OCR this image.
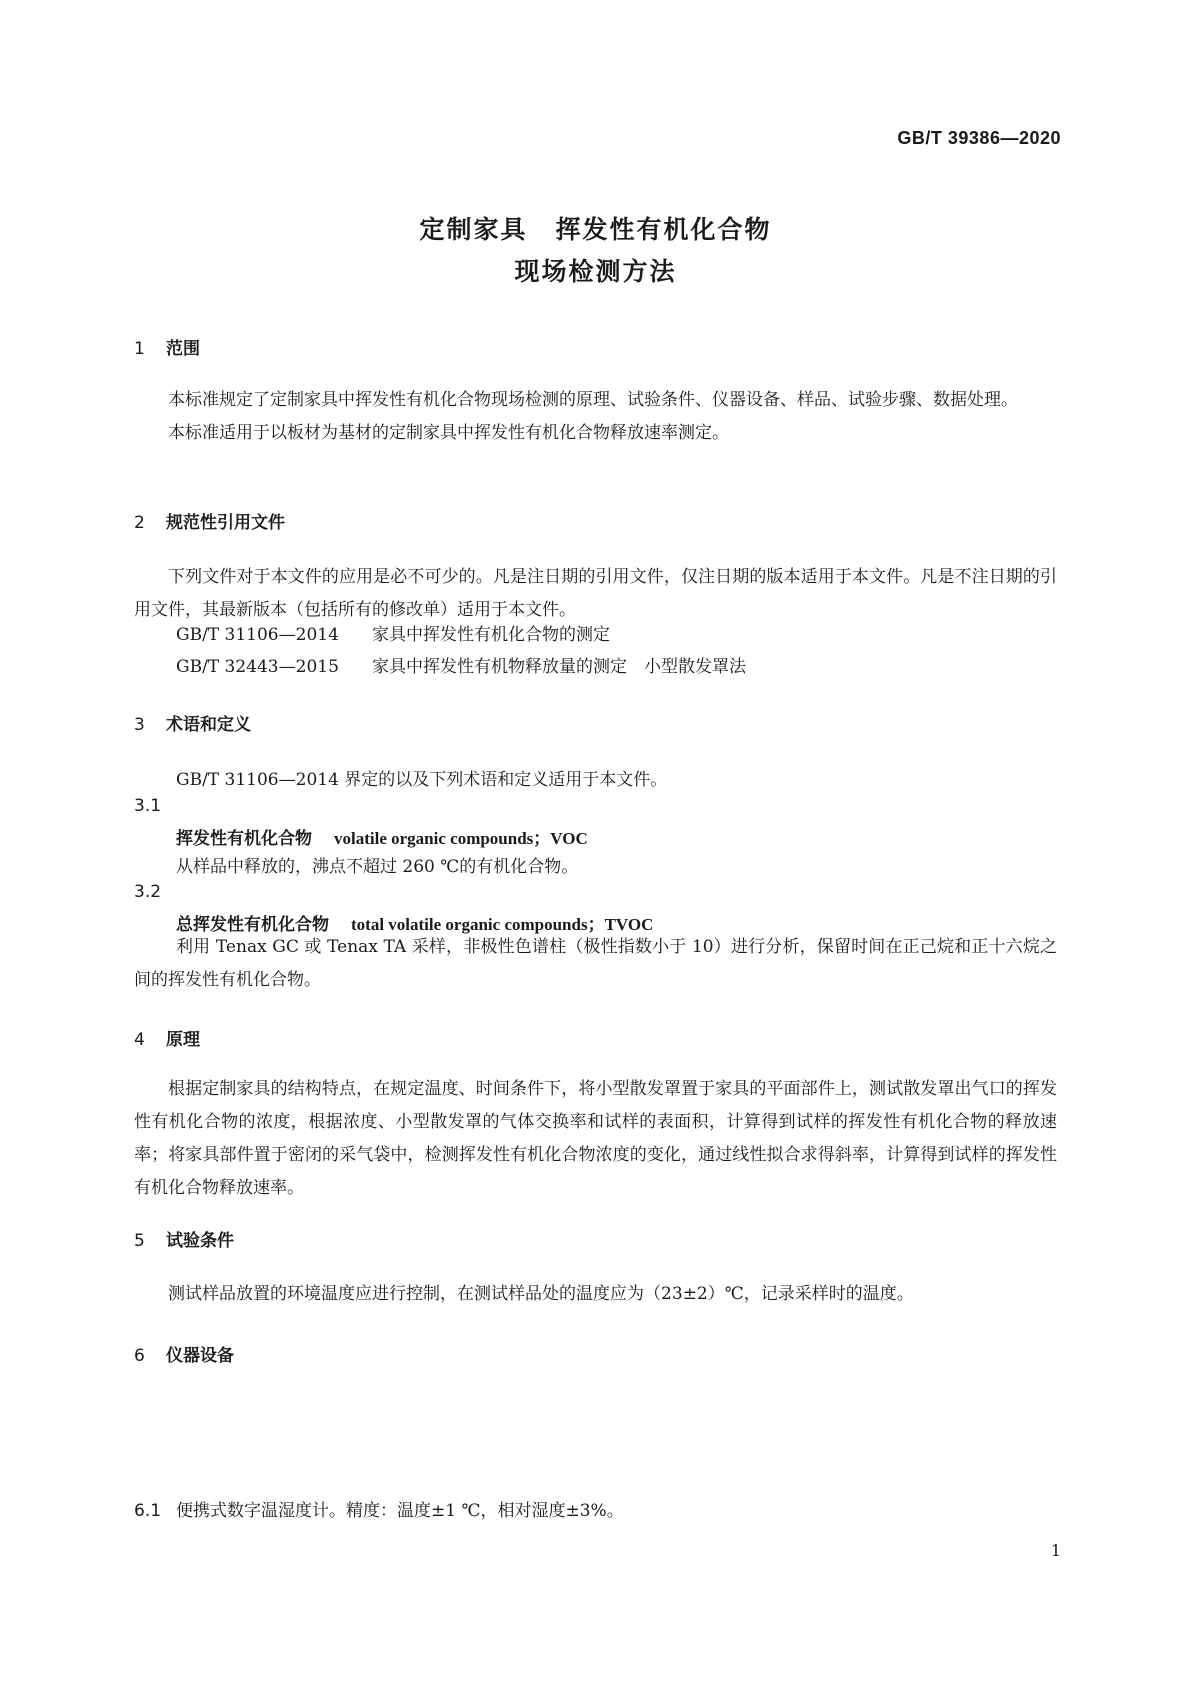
GB/T 39386—2020
定制家具 挥发性有机化合物
现场检测方法
1 范围

本标准规定了定制家具中挥发性有机化合物现场检测的原理、试验条件、仪器设备、样品、试验步骤、数据处理。

本标准适用于以板材为基材的定制家具中挥发性有机化合物释放速率测定。

2 规范性引用文件

下列文件对于本文件的应用是必不可少的。凡是注日期的引用文件，仅注日期的版本适用于本文件。凡是不注日期的引用文件，其最新版本（包括所有的修改单）适用于本文件。

GB/T 31106—2014 家具中挥发性有机化合物的测定
GB/T 32443—2015 家具中挥发性有机物释放量的测定　小型散发罩法
3 术语和定义
GB/T 31106—2014 界定的以及下列术语和定义适用于本文件。
3.1
挥发性有机化合物 volatile organic compounds；VOC
从样品中释放的，沸点不超过 260 ℃的有机化合物。
3.2
总挥发性有机化合物 total volatile organic compounds；TVOC

利用 Tenax GC 或 Tenax TA 采样，非极性色谱柱（极性指数小于 10）进行分析，保留时间在正己烷和正十六烷之间的挥发性有机化合物。

4 原理

根据定制家具的结构特点，在规定温度、时间条件下，将小型散发罩置于家具的平面部件上，测试散发罩出气口的挥发性有机化合物的浓度，根据浓度、小型散发罩的气体交换率和试样的表面积，计算得到试样的挥发性有机化合物的释放速率；将家具部件置于密闭的采气袋中，检测挥发性有机化合物浓度的变化，通过线性拟合求得斜率，计算得到试样的挥发性有机化合物释放速率。

5 试验条件

测试样品放置的环境温度应进行控制，在测试样品处的温度应为（23±2）℃，记录采样时的温度。

6 仪器设备
6.1 便携式数字温湿度计。精度：温度±1 ℃，相对湿度±3%。
1
